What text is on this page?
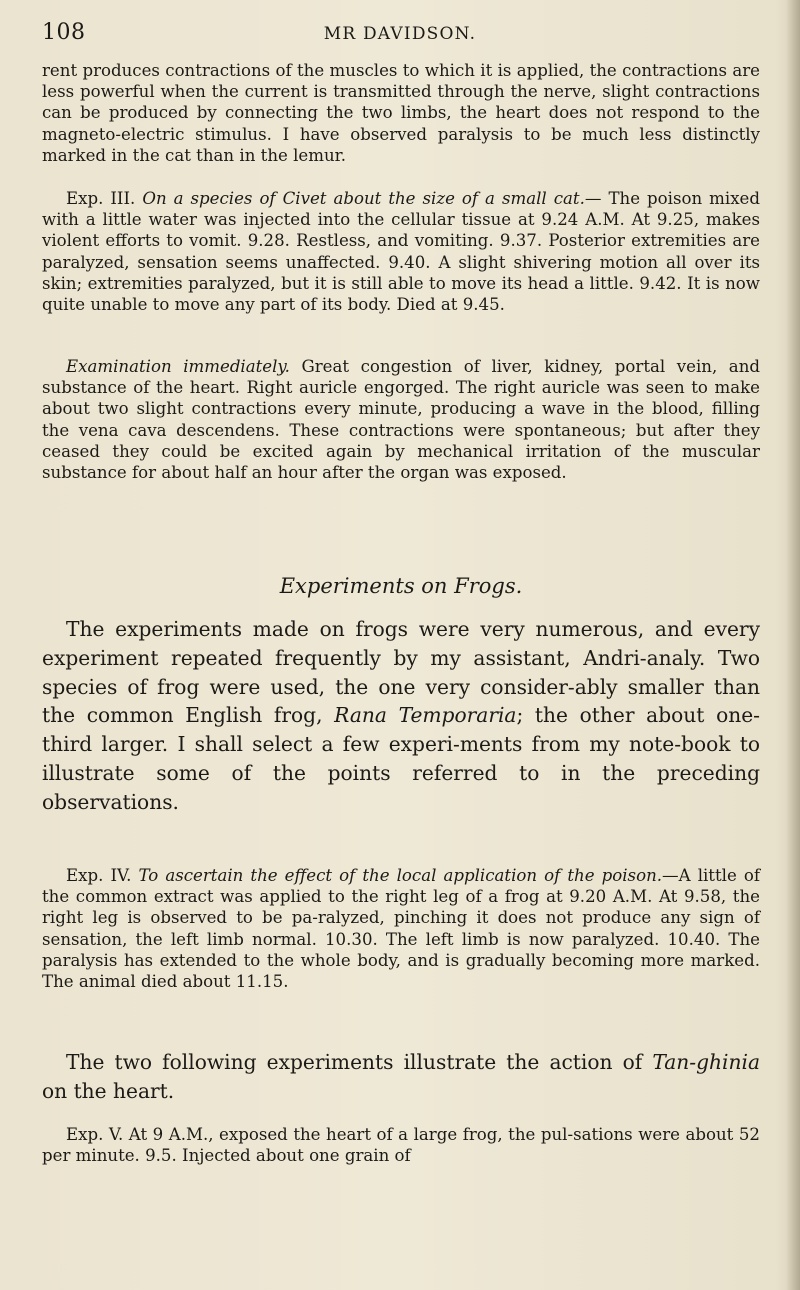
108	MR DAVIDSON.

rent produces contractions of the muscles to which it is applied, the contractions are less powerful when the current is transmitted through the nerve, slight contractions can be produced by connecting the two limbs, the heart does not respond to the magneto-electric stimulus. I have observed paralysis to be much less distinctly marked in the cat than in the lemur.

Exp. III. On a species of Civet about the size of a small cat.— The poison mixed with a little water was injected into the cellular tissue at 9.24 A.M. At 9.25, makes violent efforts to vomit. 9.28. Restless, and vomiting. 9.37. Posterior extremities are paralyzed, sensation seems unaffected. 9.40. A slight shivering motion all over its skin; extremities paralyzed, but it is still able to move its head a little. 9.42. It is now quite unable to move any part of its body. Died at 9.45.

Examination immediately. Great congestion of liver, kidney, portal vein, and substance of the heart. Right auricle engorged. The right auricle was seen to make about two slight contractions every minute, producing a wave in the blood, filling the vena cava descendens. These contractions were spontaneous; but after they ceased they could be excited again by mechanical irritation of the muscular substance for about half an hour after the organ was exposed.

Experiments on Frogs.

The experiments made on frogs were very numerous, and every experiment repeated frequently by my assistant, Andri-analy. Two species of frog were used, the one very consider-ably smaller than the common English frog, Rana Temporaria; the other about one-third larger. I shall select a few experi-ments from my note-book to illustrate some of the points referred to in the preceding observations.

Exp. IV. To ascertain the effect of the local application of the poison.—A little of the common extract was applied to the right leg of a frog at 9.20 A.M. At 9.58, the right leg is observed to be pa-ralyzed, pinching it does not produce any sign of sensation, the left limb normal. 10.30. The left limb is now paralyzed. 10.40. The paralysis has extended to the whole body, and is gradually becoming more marked. The animal died about 11.15.

The two following experiments illustrate the action of Tan-ghinia on the heart.

Exp. V. At 9 A.M., exposed the heart of a large frog, the pul-sations were about 52 per minute. 9.5. Injected about one grain of
